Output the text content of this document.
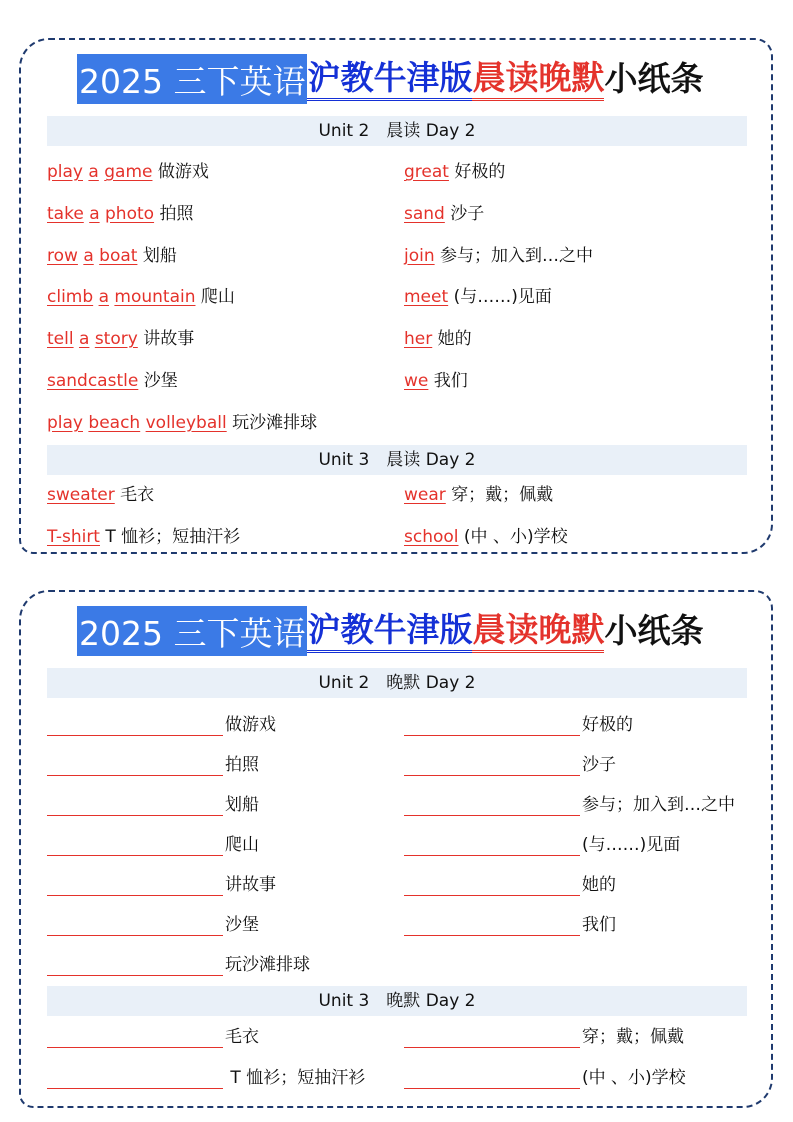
2025 三下英语 沪教牛津版 晨读晚默 小纸条
Unit 2　晨读 Day 2
play a game 做游戏
take a photo 拍照
row a boat 划船
climb a mountain 爬山
tell a story 讲故事
sandcastle 沙堡
play beach volleyball 玩沙滩排球
great 好极的
sand 沙子
join 参与；加入到…之中
meet (与……)见面
her 她的
we 我们
sweater 毛衣
T-shirt T 恤衫；短抽汗衫
wear 穿；戴；佩戴
school (中 、小)学校
Unit 3　晨读 Day 2
2025 三下英语 沪教牛津版 晨读晚默 小纸条
Unit 2　晚默 Day 2
做游戏
拍照
划船
爬山
讲故事
沙堡
玩沙滩排球
好极的
沙子
参与；加入到…之中
(与……)见面
她的
我们
毛衣
T 恤衫；短抽汗衫
穿；戴；佩戴
(中 、小)学校
Unit 3　晚默 Day 2
